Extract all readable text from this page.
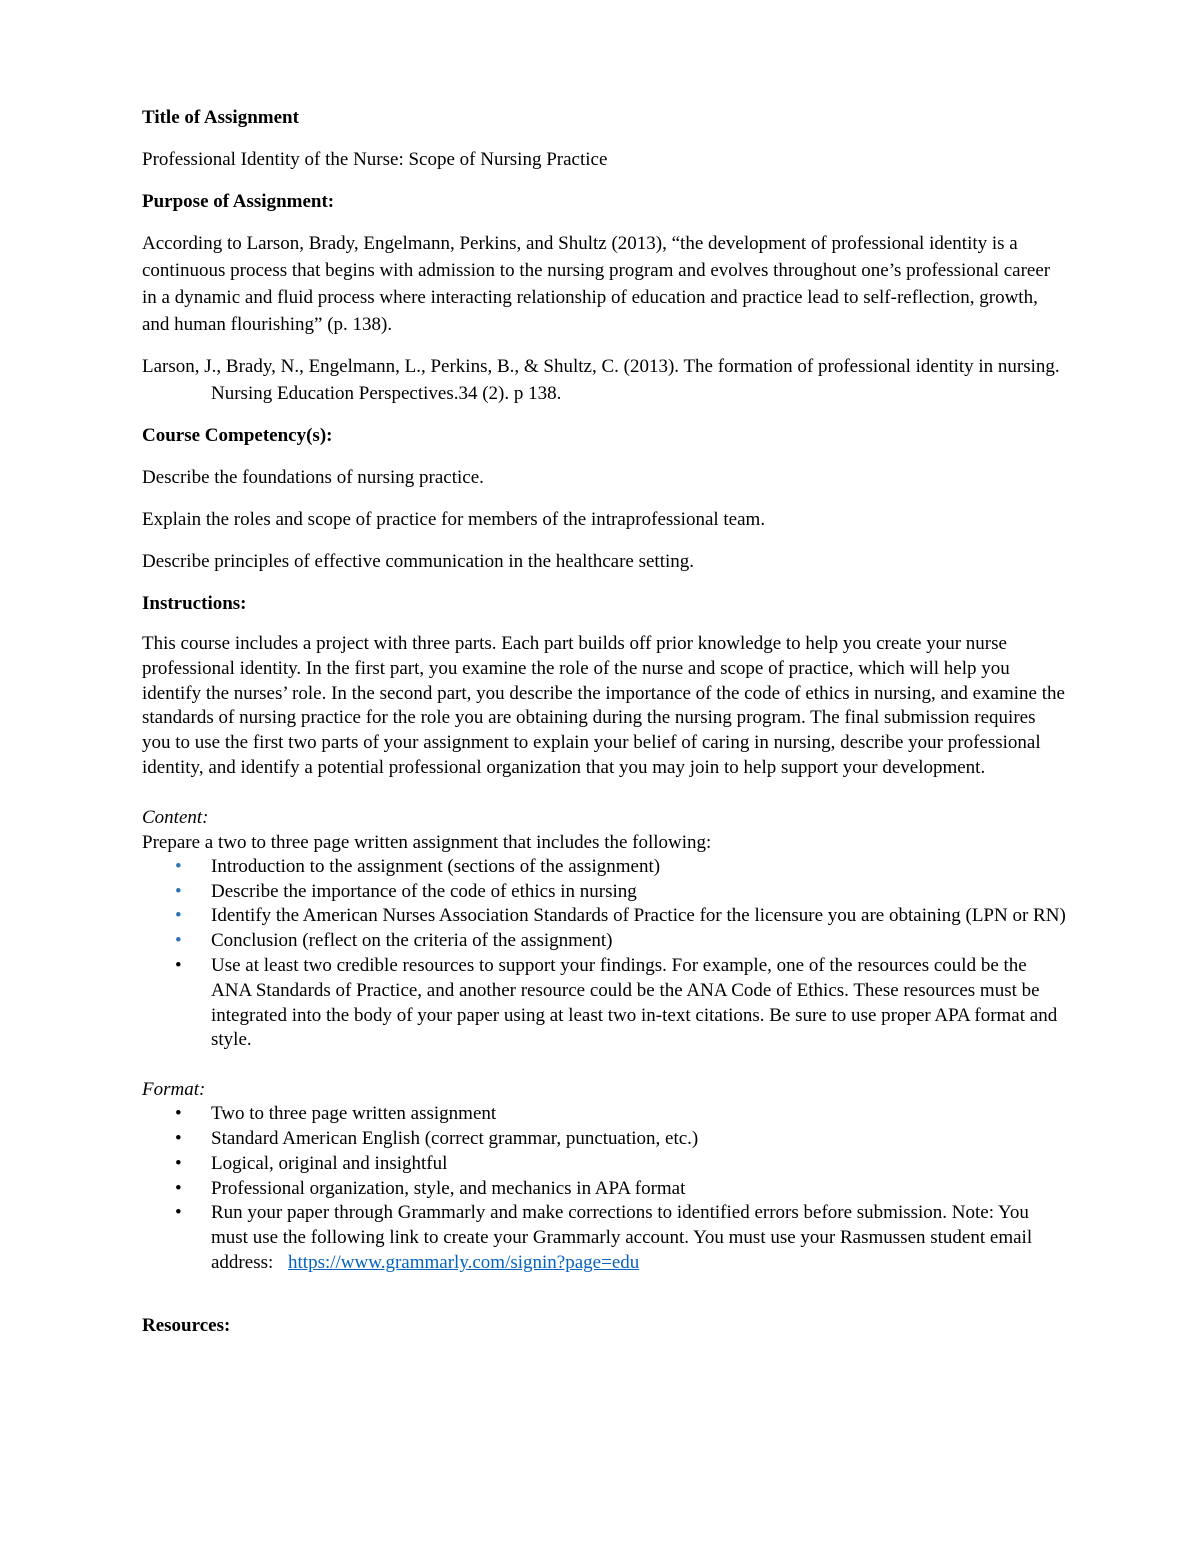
Title of Assignment

Professional Identity of the Nurse: Scope of Nursing Practice

Purpose of Assignment:

According to Larson, Brady, Engelmann, Perkins, and Shultz (2013), “the development of professional identity is a continuous process that begins with admission to the nursing program and evolves throughout one’s professional career in a dynamic and fluid process where interacting relationship of education and practice lead to self-reflection, growth, and human flourishing” (p. 138).

Larson, J., Brady, N., Engelmann, L., Perkins, B., & Shultz, C. (2013). The formation of professional identity in nursing. Nursing Education Perspectives.34 (2). p 138.

Course Competency(s):

Describe the foundations of nursing practice.

Explain the roles and scope of practice for members of the intraprofessional team.

Describe principles of effective communication in the healthcare setting.

Instructions:

This course includes a project with three parts. Each part builds off prior knowledge to help you create your nurse professional identity. In the first part, you examine the role of the nurse and scope of practice, which will help you identify the nurses’ role. In the second part, you describe the importance of the code of ethics in nursing, and examine the standards of nursing practice for the role you are obtaining during the nursing program. The final submission requires you to use the first two parts of your assignment to explain your belief of caring in nursing, describe your professional identity, and identify a potential professional organization that you may join to help support your development.

Content:

Prepare a two to three page written assignment that includes the following:

• Introduction to the assignment (sections of the assignment)
• Describe the importance of the code of ethics in nursing
• Identify the American Nurses Association Standards of Practice for the licensure you are obtaining (LPN or RN)
• Conclusion (reflect on the criteria of the assignment)
• Use at least two credible resources to support your findings. For example, one of the resources could be the ANA Standards of Practice, and another resource could be the ANA Code of Ethics. These resources must be integrated into the body of your paper using at least two in-text citations. Be sure to use proper APA format and style.

Format:

• Two to three page written assignment
• Standard American English (correct grammar, punctuation, etc.)
• Logical, original and insightful
• Professional organization, style, and mechanics in APA format
• Run your paper through Grammarly and make corrections to identified errors before submission. Note: You must use the following link to create your Grammarly account. You must use your Rasmussen student email address: https://www.grammarly.com/signin?page=edu

Resources:
